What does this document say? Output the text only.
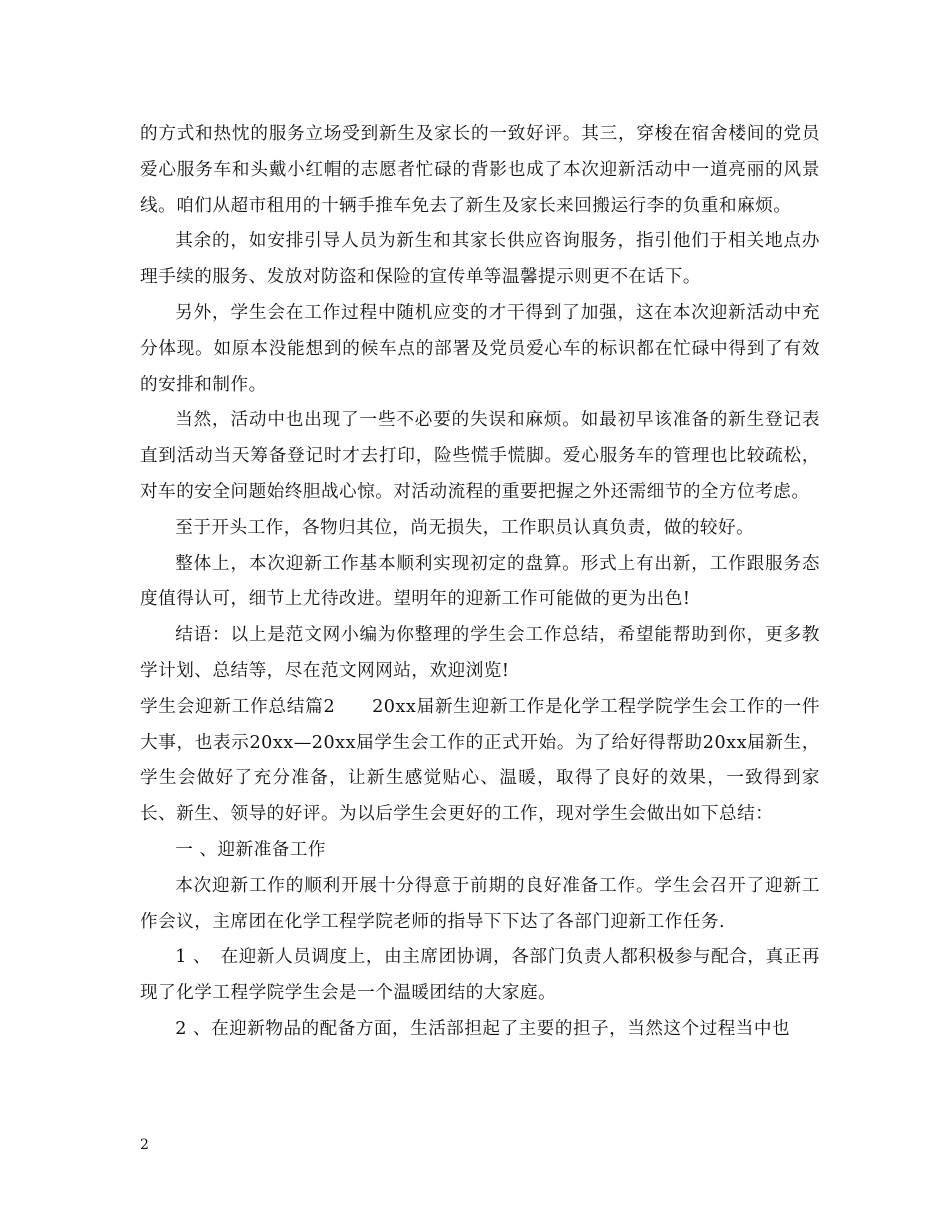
的方式和热忱的服务立场受到新生及家长的一致好评。其三，穿梭在宿舍楼间的党员爱心服务车和头戴小红帽的志愿者忙碌的背影也成了本次迎新活动中一道亮丽的风景线。咱们从超市租用的十辆手推车免去了新生及家长来回搬运行李的负重和麻烦。

其余的，如安排引导人员为新生和其家长供应咨询服务，指引他们于相关地点办理手续的服务、发放对防盗和保险的宣传单等温馨提示则更不在话下。

另外，学生会在工作过程中随机应变的才干得到了加强，这在本次迎新活动中充分体现。如原本没能想到的候车点的部署及党员爱心车的标识都在忙碌中得到了有效的安排和制作。

当然，活动中也出现了一些不必要的失误和麻烦。如最初早该准备的新生登记表直到活动当天筹备登记时才去打印，险些慌手慌脚。爱心服务车的管理也比较疏松，对车的安全问题始终胆战心惊。对活动流程的重要把握之外还需细节的全方位考虑。

至于开头工作，各物归其位，尚无损失，工作职员认真负责，做的较好。

整体上，本次迎新工作基本顺利实现初定的盘算。形式上有出新，工作跟服务态度值得认可，细节上尤待改进。望明年的迎新工作可能做的更为出色!

结语：以上是范文网小编为你整理的学生会工作总结，希望能帮助到你，更多教学计划、总结等，尽在范文网网站，欢迎浏览!

学生会迎新工作总结篇2　　20xx届新生迎新工作是化学工程学院学生会工作的一件大事，也表示20xx—20xx届学生会工作的正式开始。为了给好得帮助20xx届新生，学生会做好了充分准备，让新生感觉贴心、温暖，取得了良好的效果，一致得到家长、新生、领导的好评。为以后学生会更好的工作，现对学生会做出如下总结：

一 、迎新准备工作

本次迎新工作的顺利开展十分得意于前期的良好准备工作。学生会召开了迎新工作会议，主席团在化学工程学院老师的指导下下达了各部门迎新工作任务.

1 、　在迎新人员调度上，由主席团协调，各部门负责人都积极参与配合，真正再现了化学工程学院学生会是一个温暖团结的大家庭。

2 、在迎新物品的配备方面，生活部担起了主要的担子，当然这个过程当中也

2
